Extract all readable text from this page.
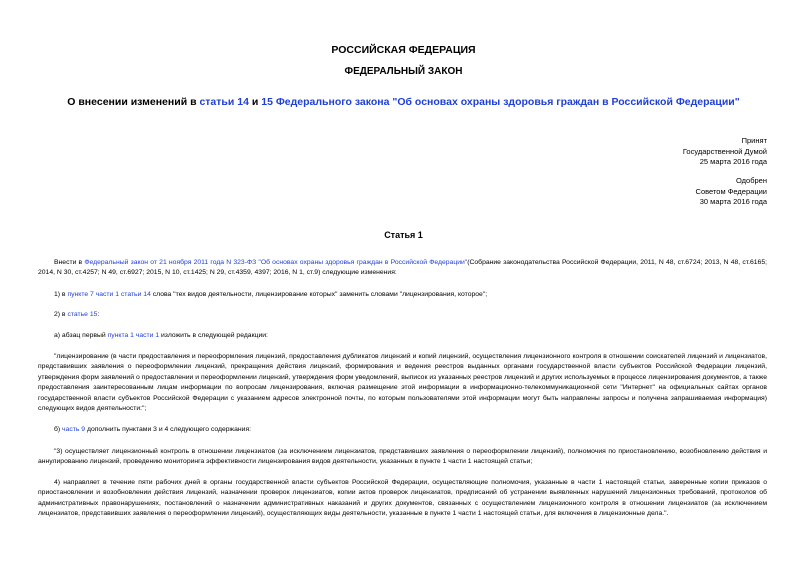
РОССИЙСКАЯ ФЕДЕРАЦИЯ
ФЕДЕРАЛЬНЫЙ ЗАКОН
О внесении изменений в статьи 14 и 15 Федерального закона "Об основах охраны здоровья граждан в Российской Федерации"
Принят
Государственной Думой
25 марта 2016 года
Одобрен
Советом Федерации
30 марта 2016 года
Статья 1
Внести в Федеральный закон от 21 ноября 2011 года N 323-ФЗ "Об основах охраны здоровья граждан в Российской Федерации"(Собрание законодательства Российской Федерации, 2011, N 48, ст.6724; 2013, N 48, ст.6165; 2014, N 30, ст.4257; N 49, ст.6927; 2015, N 10, ст.1425; N 29, ст.4359, 4397; 2016, N 1, ст.9) следующие изменения:
1) в пункте 7 части 1 статьи 14 слова "тех видов деятельности, лицензирование которых" заменить словами "лицензирования, которое";
2) в статье 15:
а) абзац первый пункта 1 части 1 изложить в следующей редакции:
"лицензирование (в части предоставления и переоформления лицензий, предоставления дубликатов лицензий и копий лицензий, осуществления лицензионного контроля в отношении соискателей лицензий и лицензиатов, представивших заявления о переоформлении лицензий, прекращения действия лицензий, формирования и ведения реестров выданных органами государственной власти субъектов Российской Федерации лицензий, утверждения форм заявлений о предоставлении и переоформлении лицензий, утверждения форм уведомлений, выписок из указанных реестров лицензий и других используемых в процессе лицензирования документов, а также предоставления заинтересованным лицам информации по вопросам лицензирования, включая размещение этой информации в информационно-телекоммуникационной сети "Интернет" на официальных сайтах органов государственной власти субъектов Российской Федерации с указанием адресов электронной почты, по которым пользователями этой информации могут быть направлены запросы и получена запрашиваемая информация) следующих видов деятельности:";
б) часть 9 дополнить пунктами 3 и 4 следующего содержания:
"3) осуществляет лицензионный контроль в отношении лицензиатов (за исключением лицензиатов, представивших заявления о переоформлении лицензий), полномочия по приостановлению, возобновлению действия и аннулированию лицензий, проведению мониторинга эффективности лицензирования видов деятельности, указанных в пункте 1 части 1 настоящей статьи;
4) направляет в течение пяти рабочих дней в органы государственной власти субъектов Российской Федерации, осуществляющие полномочия, указанные в части 1 настоящей статьи, заверенные копии приказов о приостановлении и возобновлении действия лицензий, назначении проверок лицензиатов, копии актов проверок лицензиатов, предписаний об устранении выявленных нарушений лицензионных требований, протоколов об административных правонарушениях, постановлений о назначении административных наказаний и других документов, связанных с осуществлением лицензионного контроля в отношении лицензиатов (за исключением лицензиатов, представивших заявления о переоформлении лицензий), осуществляющих виды деятельности, указанные в пункте 1 части 1 настоящей статьи, для включения в лицензионные дела.".
